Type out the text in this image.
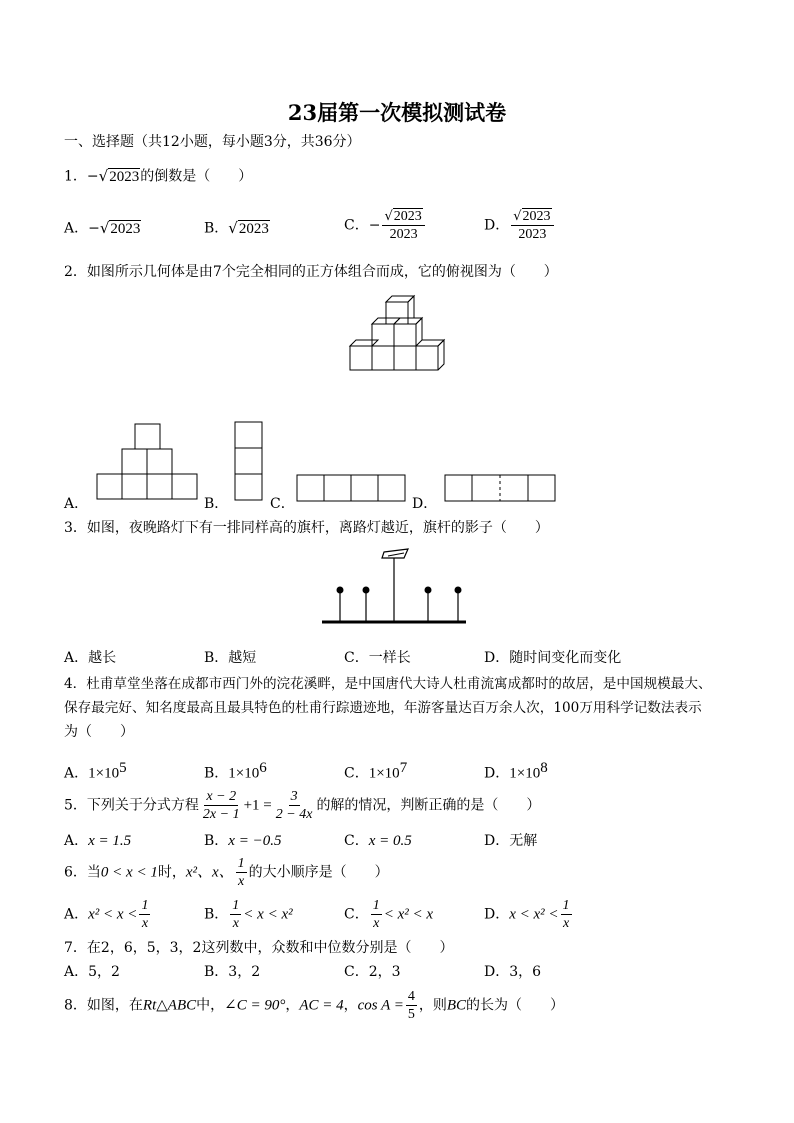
23届第一次模拟测试卷
一、选择题（共12小题，每小题3分，共36分）
1．−√2023的倒数是（　　）
A．−√2023	B．√2023	C．− $\frac{√2023}{2023}$	D． $\frac{√2023}{2023}$
2．如图所示几何体是由7个完全相同的正方体组合而成，它的俯视图为（　　）
A．	B．	C．	D．
3．如图，夜晚路灯下有一排同样高的旗杆，离路灯越近，旗杆的影子（　　）
A．越长	B．越短	C．一样长	D．随时间变化而变化
4．杜甫草堂坐落在成都市西门外的浣花溪畔，是中国唐代大诗人杜甫流寓成都时的故居，是中国规模最大、
保存最完好、知名度最高且最具特色的杜甫行踪遗迹地，年游客量达百万余人次，100万用科学记数法表示
为（　　）
A．$1\times 10^5$	B．$1\times 10^6$	C．$1\times 10^7$	D．$1\times 10^8$
5．下列关于分式方程 $\frac{x - 2}{2x - 1} +1 = \frac{3}{2 - 4x}$ 的解的情况，判断正确的是（　　）
A．x = 1.5	B．x = −0.5	C．x = 0.5	D．无解
6．当0 < x < 1时，x²、x、 $\frac{1}{x}$ 的大小顺序是（　　）
A．$x^2 < x < \frac{1}{x}$	B． $\frac{1}{x} < x < x^2$	C． $\frac{1}{x} < x^2 < x$	D．$x < x^2 < \frac{1}{x}$
7．在2，6，5，3，2这列数中，众数和中位数分别是（　　）
A．5，2	B．3，2	C．2，3	D．3，6
8．如图，在Rt△ABC中，∠C = 90°，AC = 4，$\cos A = \frac{4}{5}$ ，则BC的长为（　　）
